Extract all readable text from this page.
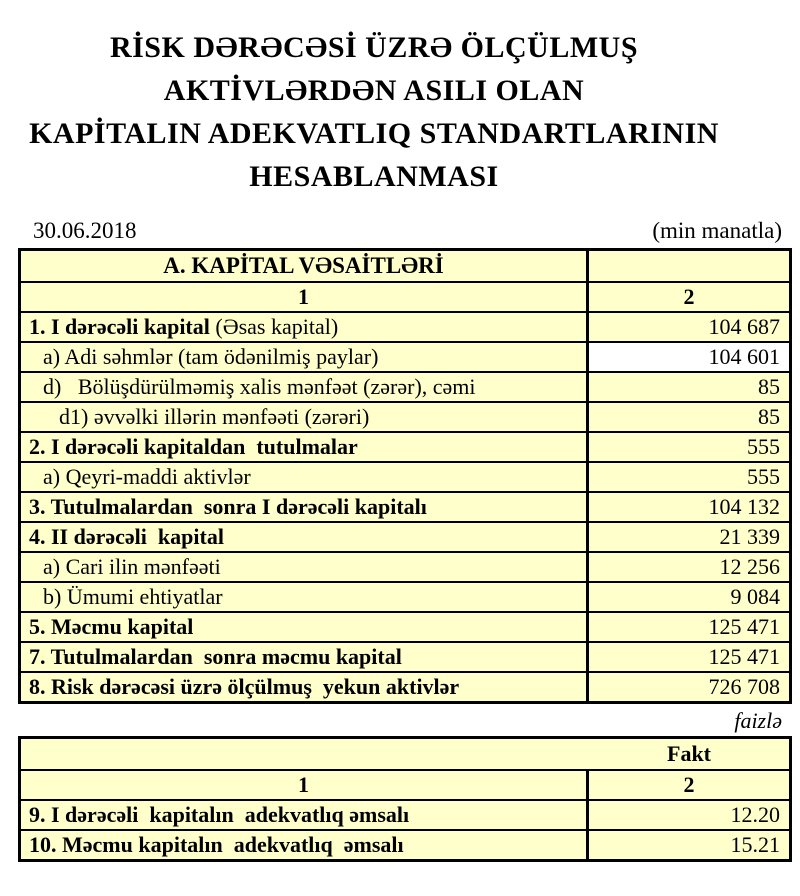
RİSK DƏRƏCƏSİ ÜZRƏ ÖLÇÜLMUŞ
AKTİVLƏRDƏN ASILI OLAN
KAPİTALIN ADEKVATLIQ STANDARTLARININ
HESABLANMASI
30.06.2018	(min manatla)
A. KAPİTAL VƏSAİTLƏRİ
1	2
1. I dərəcəli kapital (Əsas kapital)	104 687
a) Adi səhmlər (tam ödənilmiş paylar)	104 601
d)   Bölüşdürülməmiş xalis mənfəət (zərər), cəmi	85
d1) əvvəlki illərin mənfəəti (zərəri)	85
2. I dərəcəli kapitaldan  tutulmalar	555
a) Qeyri-maddi aktivlər	555
3. Tutulmalardan  sonra I dərəcəli kapitalı	104 132
4. II dərəcəli  kapital	21 339
a) Cari ilin mənfəəti	12 256
b) Ümumi ehtiyatlar	9 084
5. Məcmu kapital	125 471
7. Tutulmalardan  sonra məcmu kapital	125 471
8. Risk dərəcəsi üzrə ölçülmuş  yekun aktivlər	726 708
faizlə
Fakt
1	2
9. I dərəcəli  kapitalın  adekvatlıq əmsalı	12.20
10. Məcmu kapitalın  adekvatlıq  əmsalı	15.21
